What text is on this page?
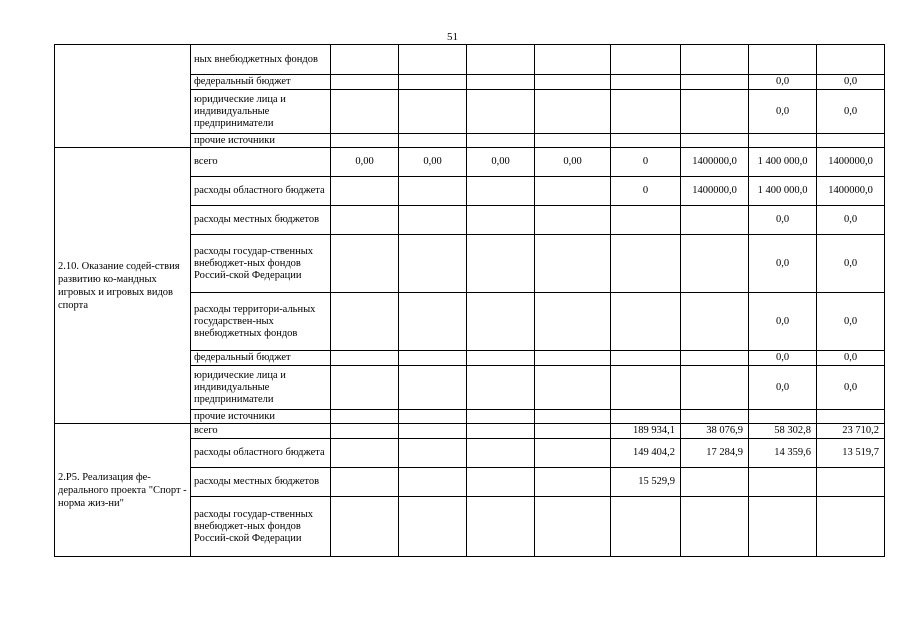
51
	ных внебюджетных фондов								
	федеральный бюджет							0,0	0,0
	юридические лица и индивидуальные предприниматели							0,0	0,0
	прочие источники								
2.10. Оказание содей-ствия развитию ко-мандных игровых и игровых видов спорта	всего	0,00	0,00	0,00	0,00	0	1400000,0	1 400 000,0	1400000,0
	расходы областного бюджета					0	1400000,0	1 400 000,0	1400000,0
	расходы местных бюджетов							0,0	0,0
	расходы государ-ственных внебюджет-ных фондов Россий-ской Федерации							0,0	0,0
	расходы территори-альных государствен-ных внебюджетных фондов							0,0	0,0
	федеральный бюджет							0,0	0,0
	юридические лица и индивидуальные предприниматели							0,0	0,0
	прочие источники								
2.Р5. Реализация фе-дерального проекта "Спорт - норма жиз-ни"	всего					189 934,1	38 076,9	58 302,8	23 710,2
	расходы областного бюджета					149 404,2	17 284,9	14 359,6	13 519,7
	расходы местных бюджетов					15 529,9			
	расходы государ-ственных внебюджет-ных фондов Россий-ской Федерации								
